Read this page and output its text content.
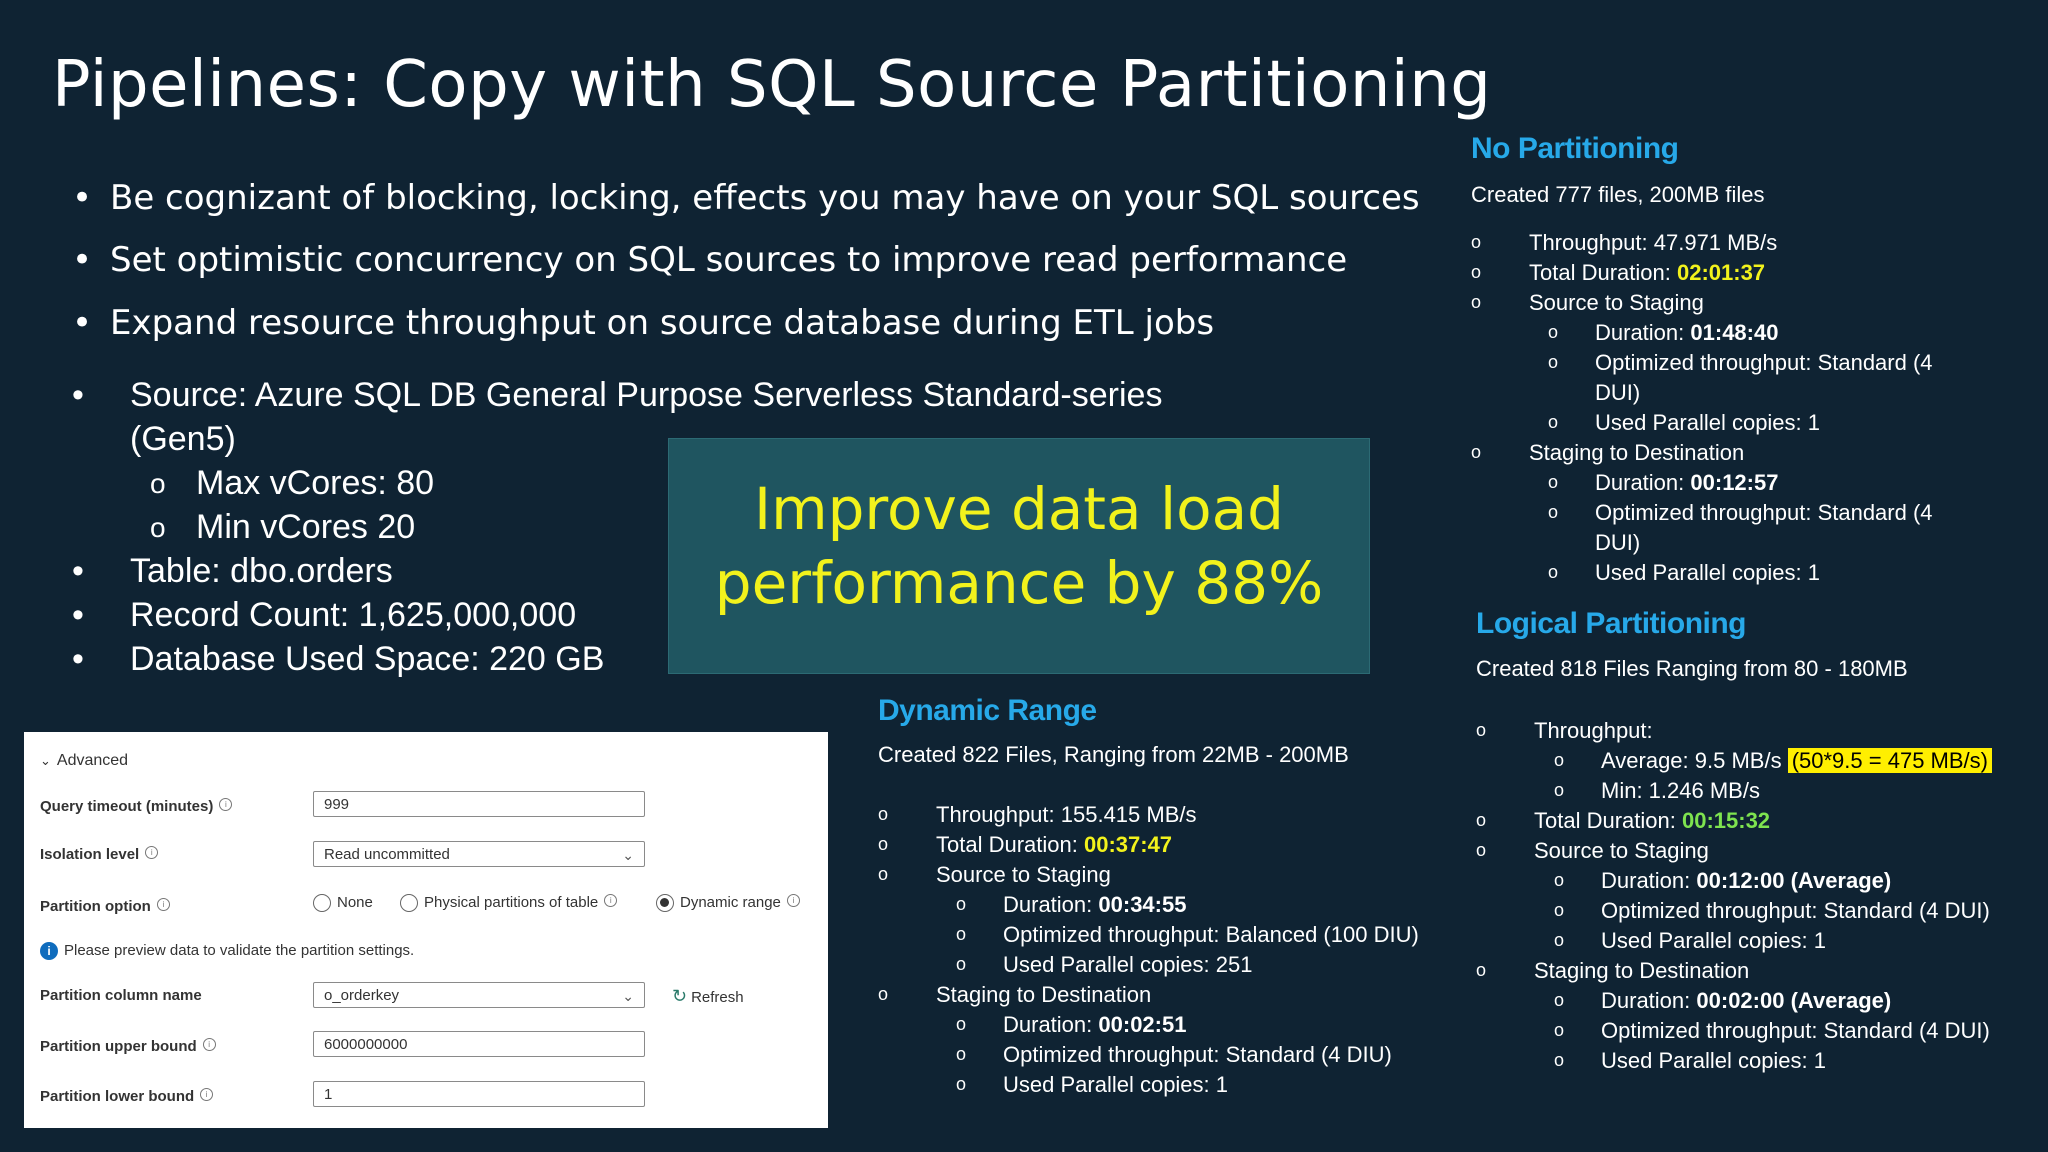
Pipelines: Copy with SQL Source Partitioning
• Be cognizant of blocking, locking, effects you may have on your SQL sources
• Set optimistic concurrency on SQL sources to improve read performance
• Expand resource throughput on source database during ETL jobs
• Source: Azure SQL DB General Purpose Serverless Standard-series
(Gen5)
o Max vCores: 80
o Min vCores 20
• Table: dbo.orders
• Record Count: 1,625,000,000
• Database Used Space: 220 GB
Improve data load
performance by 88%
No Partitioning
Created 777 files, 200MB files
o Throughput: 47.971 MB/s
o Total Duration: 02:01:37
o Source to Staging
o Duration: 01:48:40
o Optimized throughput: Standard (4
DUI)
o Used Parallel copies: 1
o Staging to Destination
o Duration: 00:12:57
o Optimized throughput: Standard (4
DUI)
o Used Parallel copies: 1
Logical Partitioning
Created 818 Files Ranging from 80 - 180MB
o Throughput:
o Average: 9.5 MB/s (50*9.5 = 475 MB/s)
o Min: 1.246 MB/s
o Total Duration: 00:15:32
o Source to Staging
o Duration: 00:12:00 (Average)
o Optimized throughput: Standard (4 DUI)
o Used Parallel copies: 1
o Staging to Destination
o Duration: 00:02:00 (Average)
o Optimized throughput: Standard (4 DUI)
o Used Parallel copies: 1
Dynamic Range
Created 822 Files, Ranging from 22MB - 200MB
o Throughput: 155.415 MB/s
o Total Duration: 00:37:47
o Source to Staging
o Duration: 00:34:55
o Optimized throughput: Balanced (100 DIU)
o Used Parallel copies: 251
o Staging to Destination
o Duration: 00:02:51
o Optimized throughput: Standard (4 DIU)
o Used Parallel copies: 1
⌄ Advanced
Query timeout (minutes) i	999
Isolation level i	Read uncommitted	⌄
Partition option i	None	Physical partitions of table i	Dynamic range i
i Please preview data to validate the partition settings.
Partition column name	o_orderkey	⌄ ↻ Refresh
Partition upper bound i	6000000000
Partition lower bound i	1
